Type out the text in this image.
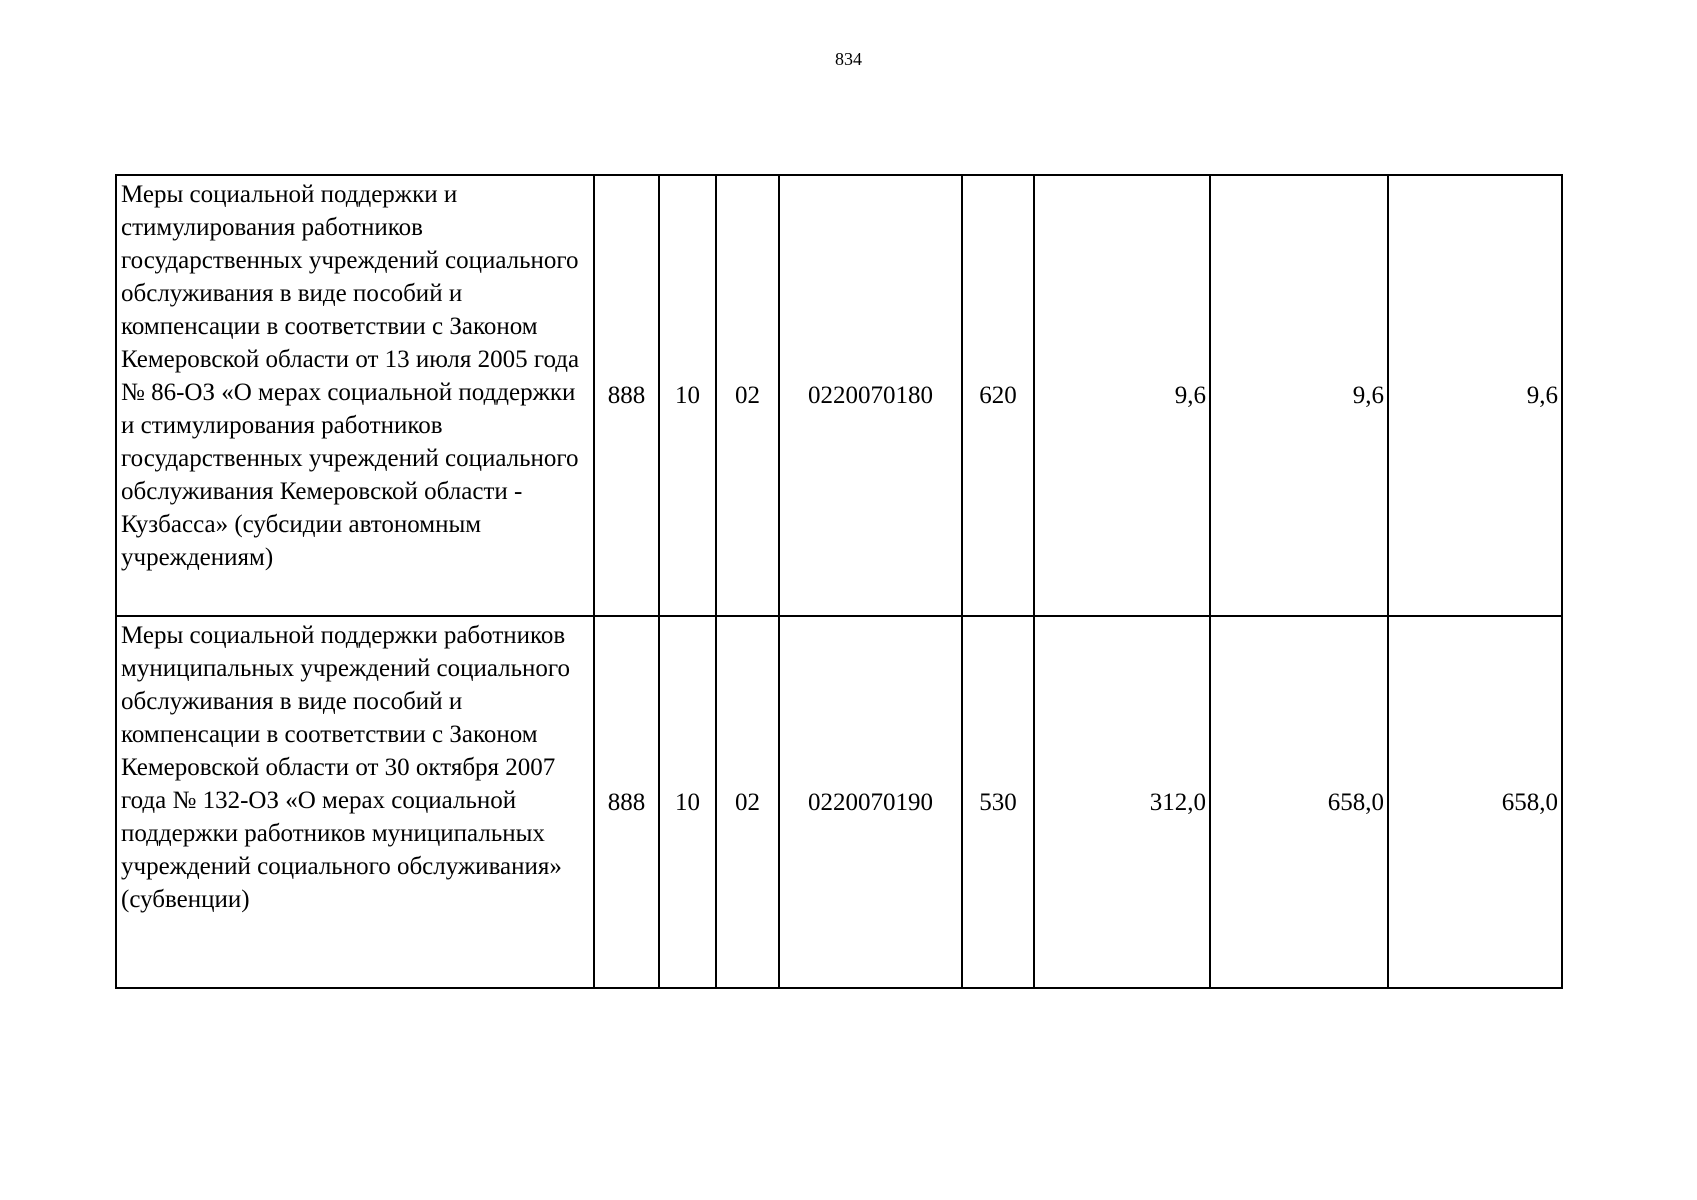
834
Меры социальной поддержки и стимулирования работников государственных учреждений социального обслуживания в виде пособий и компенсации в соответствии с Законом Кемеровской области от 13 июля 2005 года № 86-ОЗ «О мерах социальной поддержки и стимулирования работников государственных учреждений социального обслуживания Кемеровской области - Кузбасса» (субсидии автономным учреждениям)	888	10	02	0220070180	620	9,6	9,6	9,6
Меры социальной поддержки работников муниципальных учреждений социального обслуживания в виде пособий и компенсации в соответствии с Законом Кемеровской области от 30 октября 2007 года № 132-ОЗ «О мерах социальной поддержки работников муниципальных учреждений социального обслуживания» (субвенции)	888	10	02	0220070190	530	312,0	658,0	658,0
